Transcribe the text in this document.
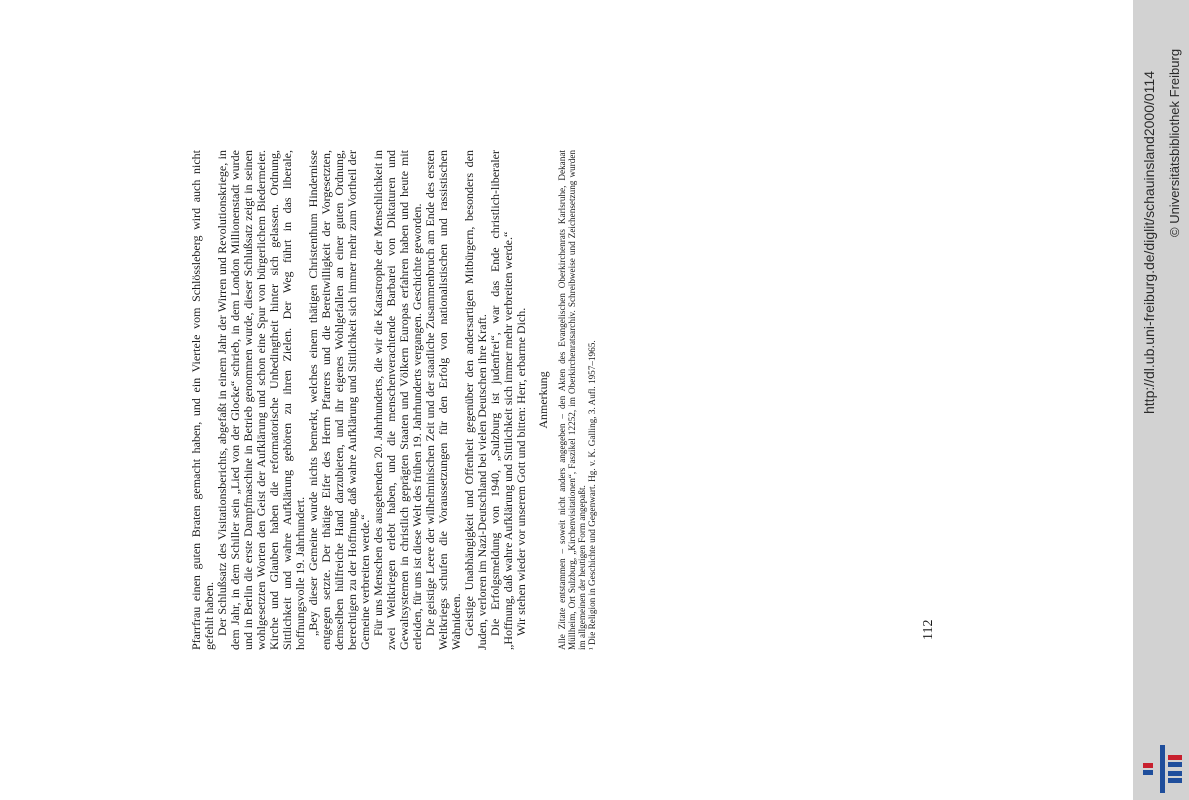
Pfarrfrau einen guten Braten gemacht haben, und ein Viertele vom Schlössleberg wird auch nicht gefehlt haben. Der Schlußsatz des Visitationsberichts, abgefaßt in einem Jahr der Wirren und Revolutionskriege, in dem Jahr, in dem Schiller sein „Lied von der Glocke“ schrieb, in dem London Millionenstadt wurde und in Berlin die erste Dampfmaschine in Betrieb genommen wurde, dieser Schlußsatz zeigt in seinen wohlgesetzten Worten den Geist der Aufklärung und schon eine Spur von bürgerlichem Biedermeier. Kirche und Glauben haben die reformatorische Unbedingtheit hinter sich gelassen. Ordnung, Sittlichkeit und wahre Aufklärung gehören zu ihren Zielen. Der Weg führt in das liberale, hoffnungsvolle 19. Jahrhundert. „Bey dieser Gemeine wurde nichts bemerkt, welches einem thätigen Christenthum Hindernisse entgegen setzte. Der thätige Eifer des Herrn Pfarrers und die Bereitwilligkeit der Vorgesetzten, demselben hülfreiche Hand darzubieten, und ihr eigenes Wohlgefallen an einer guten Ordnung, berechtigen zu der Hoffnung, daß wahre Aufklärung und Sittlichkeit sich immer mehr zum Vortheil der Gemeine verbreiten werde.“ Für uns Menschen des ausgehenden 20. Jahrhunderts, die wir die Katastrophe der Menschlichkeit in zwei Weltkriegen erlebt haben, und die menschenverachtende Barbarei von Diktaturen und Gewaltsystemen in christlich geprägten Staaten und Völkern Europas erfahren haben und heute mit erleiden, für uns ist diese Welt des frühen 19. Jahrhunderts vergangen. Geschichte geworden. Die geistige Leere der wilhelminischen Zeit und der staatliche Zusammenbruch am Ende des ersten Weltkriegs schufen die Voraussetzungen für den Erfolg von nationalistischen und rassistischen Wahnideen. Geistige Unabhängigkeit und Offenheit gegenüber den andersartigen Mitbürgern, besonders den Juden, verloren im Nazi-Deutschland bei vielen Deutschen ihre Kraft. Die Erfolgsmeldung von 1940, „Sulzburg ist judenfrei“, war das Ende christlich-liberaler „Hoffnung, daß wahre Aufklärung und Sittlichkeit sich immer mehr verbreiten werde.“ Wir stehen wieder vor unserem Gott und bitten: Herr, erbarme Dich. Anmerkung Alle Zitate entstammen – soweit nicht anders angegeben – den Akten des Evangelischen Oberkirchenrats Karlsruhe, Dekanat Müllheim, Ort Sulzburg, „Kirchenvisitationen“, Faszikel 12252, im Oberkirchenratsarchiv. Schreibweise und Zeichensetzung wurden im allgemeinen der heutigen Form angepaßt. ¹ Die Religion in Geschichte und Gegenwart. Hg. v. K. Galling, 3. Aufl. 1957–1965.	112
http://dl.ub.uni-freiburg.de/diglit/schauinsland2000/0114 © Universitätsbibliothek Freiburg
